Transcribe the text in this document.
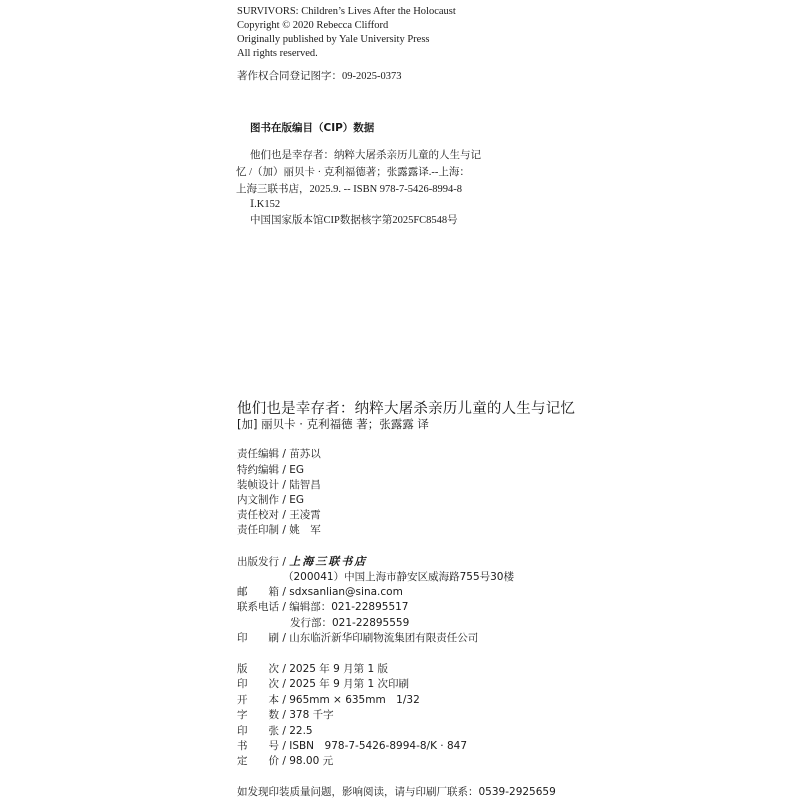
SURVIVORS: Children’s Lives After the Holocaust
Copyright © 2020 Rebecca Clifford
Originally published by Yale University Press
All rights reserved.
著作权合同登记图字：09-2025-0373
图书在版编目（CIP）数据
他们也是幸存者：纳粹大屠杀亲历儿童的人生与记
忆 /（加）丽贝卡 · 克利福德著；张露露译.--上海：
上海三联书店，2025.9. -- ISBN 978-7-5426-8994-8
Ⅰ.K152
中国国家版本馆CIP数据核字第2025FC8548号
他们也是幸存者：纳粹大屠杀亲历儿童的人生与记忆
[加] 丽贝卡 · 克利福德 著；张露露 译
责任编辑 / 苗苏以
特约编辑 / EG
装帧设计 / 陆智昌
内文制作 / EG
责任校对 / 王凌霄
责任印制 / 姚　军
出版发行 / 上海三联书店
（200041）中国上海市静安区威海路755号30楼
邮　　箱 / sdxsanlian@sina.com
联系电话 / 编辑部：021-22895517
发行部：021-22895559
印　　刷 / 山东临沂新华印刷物流集团有限责任公司
版　　次 / 2025 年 9 月第 1 版
印　　次 / 2025 年 9 月第 1 次印刷
开　　本 / 965mm × 635mm　1/32
字　　数 / 378 千字
印　　张 / 22.5
书　　号 / ISBN　978-7-5426-8994-8/K · 847
定　　价 / 98.00 元
如发现印装质量问题，影响阅读，请与印刷厂联系：0539-2925659
